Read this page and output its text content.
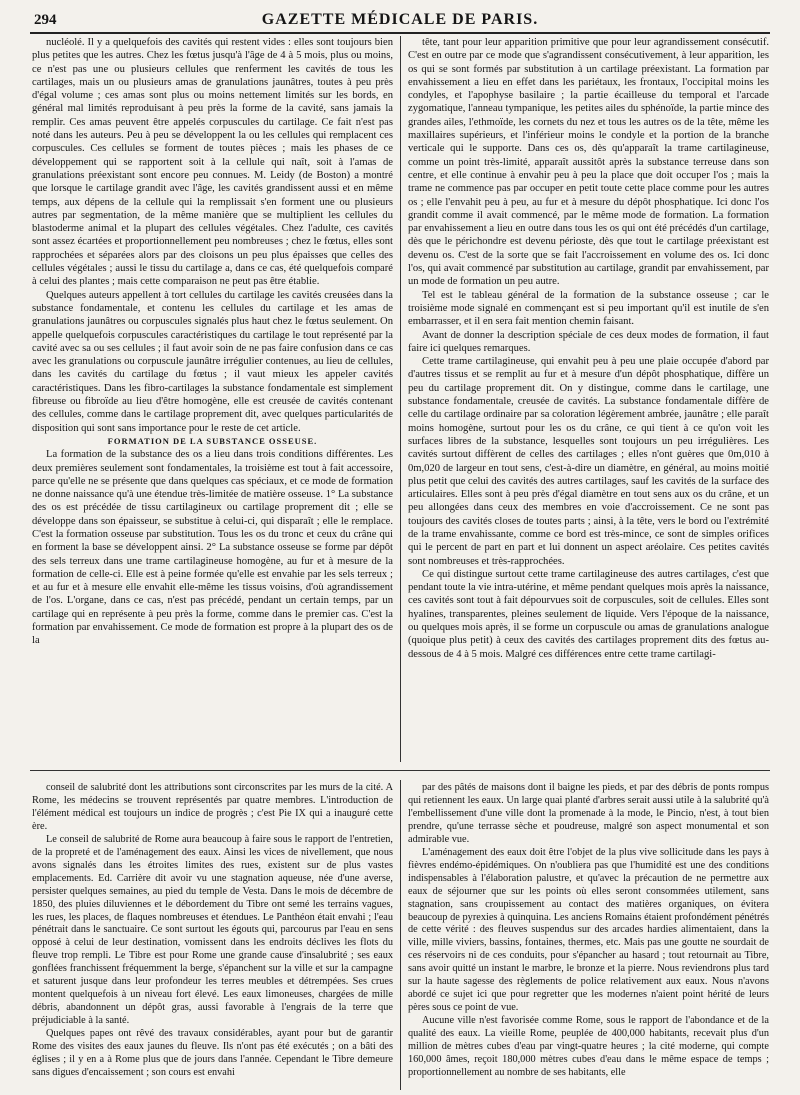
294	GAZETTE MÉDICALE DE PARIS.

nucléolé. Il y a quelquefois des cavités qui restent vides : elles sont toujours bien plus petites que les autres. Chez les fœtus jusqu'à l'âge de 4 à 5 mois, plus ou moins, ce n'est pas une ou plusieurs cellules que renferment les cavités de tous les cartilages, mais un ou plusieurs amas de granulations jaunâtres, toutes à peu près d'égal volume ; ces amas sont plus ou moins nettement limités sur les bords, en général mal limités reproduisant à peu près la forme de la cavité, sans jamais la remplir. Ces amas peuvent être appelés corpuscules du cartilage. Ce fait n'est pas noté dans les auteurs. Peu à peu se développent la ou les cellules qui remplacent ces corpuscules. Ces cellules se forment de toutes pièces ; mais les phases de ce développement qui se rapportent soit à la cellule qui naît, soit à l'amas de granulations préexistant sont encore peu connues. M. Leidy (de Boston) a montré que lorsque le cartilage grandit avec l'âge, les cavités grandissent aussi et en même temps, aux dépens de la cellule qui la remplissait s'en forment une ou plusieurs autres par segmentation, de la même manière que se multiplient les cellules du blastoderme animal et la plupart des cellules végétales. Chez l'adulte, ces cavités sont assez écartées et proportionnellement peu nombreuses ; chez le fœtus, elles sont rapprochées et séparées alors par des cloisons un peu plus épaisses que celles des cellules végétales ; aussi le tissu du cartilage a, dans ce cas, été quelquefois comparé à celui des plantes ; mais cette comparaison ne peut pas être établie.

Quelques auteurs appellent à tort cellules du cartilage les cavités creusées dans la substance fondamentale, et contenu les cellules du cartilage et les amas de granulations jaunâtres ou corpuscules signalés plus haut chez le fœtus seulement. On appelle quelquefois corpuscules caractéristiques du cartilage le tout représenté par la cavité avec sa ou ses cellules ; il faut avoir soin de ne pas faire confusion dans ce cas avec les granulations ou corpuscule jaunâtre irrégulier contenues, au lieu de cellules, dans les cavités du cartilage du fœtus ; il vaut mieux les appeler cavités caractéristiques. Dans les fibro-cartilages la substance fondamentale est simplement fibreuse ou fibroïde au lieu d'être homogène, elle est creusée de cavités contenant des cellules, comme dans le cartilage proprement dit, avec quelques particularités de disposition qui sont sans importance pour le reste de cet article.

FORMATION DE LA SUBSTANCE OSSEUSE.

La formation de la substance des os a lieu dans trois conditions différentes. Les deux premières seulement sont fondamentales, la troisième est tout à fait accessoire, parce qu'elle ne se présente que dans quelques cas spéciaux, et ce mode de formation ne donne naissance qu'à une étendue très-limitée de matière osseuse. 1° La substance des os est précédée de tissu cartilagineux ou cartilage proprement dit ; elle se développe dans son épaisseur, se substitue à celui-ci, qui disparaît ; elle le remplace. C'est la formation osseuse par substitution. Tous les os du tronc et ceux du crâne qui en forment la base se développent ainsi. 2° La substance osseuse se forme par dépôt des sels terreux dans une trame cartilagineuse homogène, au fur et à mesure de la formation de celle-ci. Elle est à peine formée qu'elle est envahie par les sels terreux ; et au fur et à mesure elle envahit elle-même les tissus voisins, d'où agrandissement de l'os. L'organe, dans ce cas, n'est pas précédé, pendant un certain temps, par un cartilage qui en représente à peu près la forme, comme dans le premier cas. C'est la formation par envahissement. Ce mode de formation est propre à la plupart des os de la

tête, tant pour leur apparition primitive que pour leur agrandissement consécutif. C'est en outre par ce mode que s'agrandissent consécutivement, à leur apparition, les os qui se sont formés par substitution à un cartilage préexistant. La formation par envahissement a lieu en effet dans les pariétaux, les frontaux, l'occipital moins les condyles, et l'apophyse basilaire ; la partie écailleuse du temporal et l'arcade zygomatique, l'anneau tympanique, les petites ailes du sphénoïde, la partie mince des grandes ailes, l'ethmoïde, les cornets du nez et tous les autres os de la tête, même les maxillaires supérieurs, et l'inférieur moins le condyle et la portion de la branche verticale qui le supporte. Dans ces os, dès qu'apparaît la trame cartilagineuse, comme un point très-limité, apparaît aussitôt après la substance terreuse dans son centre, et elle continue à envahir peu à peu la place que doit occuper l'os ; mais la trame ne commence pas par occuper en petit toute cette place comme pour les autres os ; elle l'envahit peu à peu, au fur et à mesure du dépôt phosphatique. Ici donc l'os grandit comme il avait commencé, par le même mode de formation. La formation par envahissement a lieu en outre dans tous les os qui ont été précédés d'un cartilage, dès que le périchondre est devenu périoste, dès que tout le cartilage préexistant est devenu os. C'est de la sorte que se fait l'accroissement en volume des os. Ici donc l'os, qui avait commencé par substitution au cartilage, grandit par envahissement, par un mode de formation un peu autre.

Tel est le tableau général de la formation de la substance osseuse ; car le troisième mode signalé en commençant est si peu important qu'il est inutile de s'en embarrasser, et il en sera fait mention chemin faisant.

Avant de donner la description spéciale de ces deux modes de formation, il faut faire ici quelques remarques.

Cette trame cartilagineuse, qui envahit peu à peu une plaie occupée d'abord par d'autres tissus et se remplit au fur et à mesure d'un dépôt phosphatique, diffère un peu du cartilage proprement dit. On y distingue, comme dans le cartilage, une substance fondamentale, creusée de cavités. La substance fondamentale diffère de celle du cartilage ordinaire par sa coloration légèrement ambrée, jaunâtre ; elle paraît moins homogène, surtout pour les os du crâne, ce qui tient à ce qu'on voit les surfaces libres de la substance, lesquelles sont toujours un peu irrégulières. Les cavités surtout diffèrent de celles des cartilages ; elles n'ont guères que 0m,010 à 0m,020 de largeur en tout sens, c'est-à-dire un diamètre, en général, au moins moitié plus petit que celui des cavités des autres cartilages, sauf les cavités de la surface des articulaires. Elles sont à peu près d'égal diamètre en tout sens aux os du crâne, et un peu allongées dans ceux des membres en voie d'accroissement. Ce ne sont pas toujours des cavités closes de toutes parts ; ainsi, à la tête, vers le bord ou l'extrémité de la trame envahissante, comme ce bord est très-mince, ce sont de simples orifices qui le percent de part en part et lui donnent un aspect aréolaire. Ces petites cavités sont nombreuses et très-rapprochées.

Ce qui distingue surtout cette trame cartilagineuse des autres cartilages, c'est que pendant toute la vie intra-utérine, et même pendant quelques mois après la naissance, ces cavités sont tout à fait dépourvues soit de corpuscules, soit de cellules. Elles sont hyalines, transparentes, pleines seulement de liquide. Vers l'époque de la naissance, ou quelques mois après, il se forme un corpuscule ou amas de granulations analogue (quoique plus petit) à ceux des cavités des cartilages proprement dits des fœtus au-dessous de 4 à 5 mois. Malgré ces différences entre cette trame cartilagi-

conseil de salubrité dont les attributions sont circonscrites par les murs de la cité. A Rome, les médecins se trouvent représentés par quatre membres. L'introduction de l'élément médical est toujours un indice de progrès ; c'est Pie IX qui a inauguré cette ère.

Le conseil de salubrité de Rome aura beaucoup à faire sous le rapport de l'entretien, de la propreté et de l'aménagement des eaux. Ainsi les vices de nivellement, que nous avons signalés dans les étroites limites des rues, existent sur de plus vastes emplacements. Ed. Carrière dit avoir vu une stagnation aqueuse, née d'une averse, persister quelques semaines, au pied du temple de Vesta. Dans le mois de décembre de 1850, des pluies diluviennes et le débordement du Tibre ont semé les terrains vagues, les rues, les places, de flaques nombreuses et étendues. Le Panthéon était envahi ; l'eau pénétrait dans le sanctuaire. Ce sont surtout les égouts qui, parcourus par l'eau en sens opposé à celui de leur destination, vomissent dans les endroits déclives les flots du fleuve trop rempli. Le Tibre est pour Rome une grande cause d'insalubrité ; ses eaux gonflées franchissent fréquemment la berge, s'épanchent sur la ville et sur la campagne et saturent jusque dans leur profondeur les terres meubles et détrempées. Ses crues montent quelquefois à un niveau fort élevé. Les eaux limoneuses, chargées de mille débris, abandonnent un dépôt gras, aussi favorable à l'engrais de la terre que préjudiciable à la santé.

Quelques papes ont rêvé des travaux considérables, ayant pour but de garantir Rome des visites des eaux jaunes du fleuve. Ils n'ont pas été exécutés ; on a bâti des églises ; il y en a à Rome plus que de jours dans l'année. Cependant le Tibre demeure sans digues d'encaissement ; son cours est envahi

par des pâtés de maisons dont il baigne les pieds, et par des débris de ponts rompus qui retiennent les eaux. Un large quai planté d'arbres serait aussi utile à la salubrité qu'à l'embellissement d'une ville dont la promenade à la mode, le Pincio, n'est, à tout bien prendre, qu'une terrasse sèche et poudreuse, malgré son aspect monumental et son admirable vue.

L'aménagement des eaux doit être l'objet de la plus vive sollicitude dans les pays à fièvres endémo-épidémiques. On n'oubliera pas que l'humidité est une des conditions indispensables à l'élaboration palustre, et qu'avec la précaution de ne permettre aux eaux de séjourner que sur les points où elles seront consommées utilement, sans stagnation, sans croupissement au contact des matières organiques, on évitera beaucoup de pyrexies à quinquina. Les anciens Romains étaient profondément pénétrés de cette vérité : des fleuves suspendus sur des arcades hardies alimentaient, dans la ville, mille viviers, bassins, fontaines, thermes, etc. Mais pas une goutte ne sourdait de ces réservoirs ni de ces conduits, pour s'épancher au hasard ; tout retournait au Tibre, sans avoir quitté un instant le marbre, le bronze et la pierre. Nous reviendrons plus tard sur la haute sagesse des règlements de police relativement aux eaux. Nous n'avons abordé ce sujet ici que pour regretter que les modernes n'aient point hérité de leurs pères sous ce point de vue.

Aucune ville n'est favorisée comme Rome, sous le rapport de l'abondance et de la qualité des eaux. La vieille Rome, peuplée de 400,000 habitants, recevait plus d'un million de mètres cubes d'eau par vingt-quatre heures ; la cité moderne, qui compte 160,000 âmes, reçoit 180,000 mètres cubes d'eau dans le même espace de temps ; proportionnellement au nombre de ses habitants, elle
